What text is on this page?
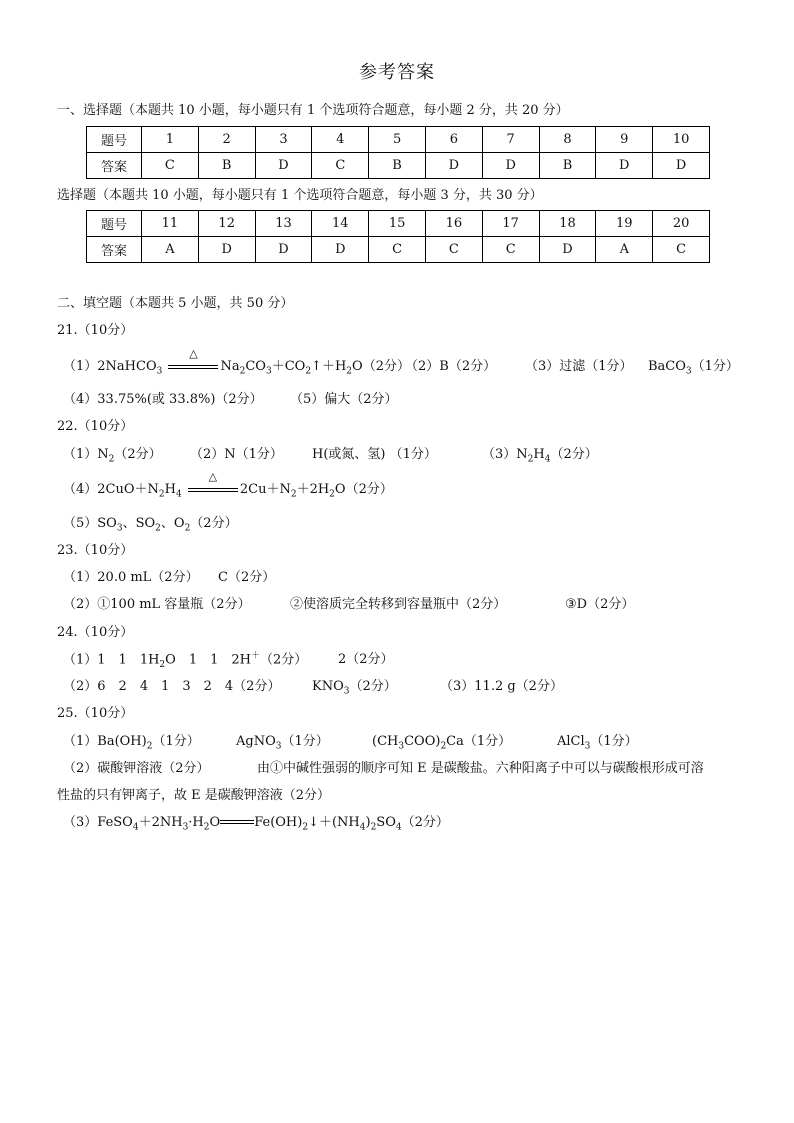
参考答案
一、选择题（本题共 10 小题，每小题只有 1 个选项符合题意，每小题 2 分，共 20 分）
题号	1	2	3	4	5	6	7	8	9	10
答案	C	B	D	C	B	D	D	B	D	D
选择题（本题共 10 小题，每小题只有 1 个选项符合题意，每小题 3 分，共 30 分）
题号	11	12	13	14	15	16	17	18	19	20
答案	A	D	D	D	C	C	C	D	A	C
二、填空题（本题共 5 小题，共 50 分）
21.（10分）
（1）2NaHCO$_3$
△
$Na_2CO_3+CO_2↑+H_2O(2$分）
（2）B（2分） （3）过滤（1分） BaCO$_3$（1分）
（4）33.75%(或 33.8%)（2分） （5）偏大（2分）
22.（10分）
$(1)N_2(2$分） （2）N（1分） H(或氮、氢) （1分）	$(3)N_2H_4(2$分）
$(4)2CuO+N_2H_4$
△
$2Cu+N_2+2H_2O(2$分）
$(5)SO_3$、$SO_2$、$O_2(2$分）
23.（10分）
（1）20.0 mL（2分） C（2分）
（2）①100 mL 容量瓶（2分）	②使溶质完全转移到容量瓶中（2分）	③D（2分）
24.（10分）
（1）1　1　$1H_2O$　1　1　2H＋（2分） 2（2分）
（2）6　2　4　1　3　2　4（2分） $KNO_3(2$分）	（3）11.2 g（2分）
25.（10分）
$(1)Ba(OH)_2(1$分）	AgNO$_3$（1分）	$(CH_3COO)_2Ca(1$分）	AlCl$_3$（1分）
（2）碳酸钾溶液（2分）	由①中碱性强弱的顺序可知 E 是碳酸盐。六种阳离子中可以与碳酸根形成可溶
性盐的只有钾离子，故 E 是碳酸钾溶液（2分）
$(3)FeSO_4+2NH_3\cdot H_2O$	$Fe(OH)_2↓+(NH_4)_2SO_4(2$分）
